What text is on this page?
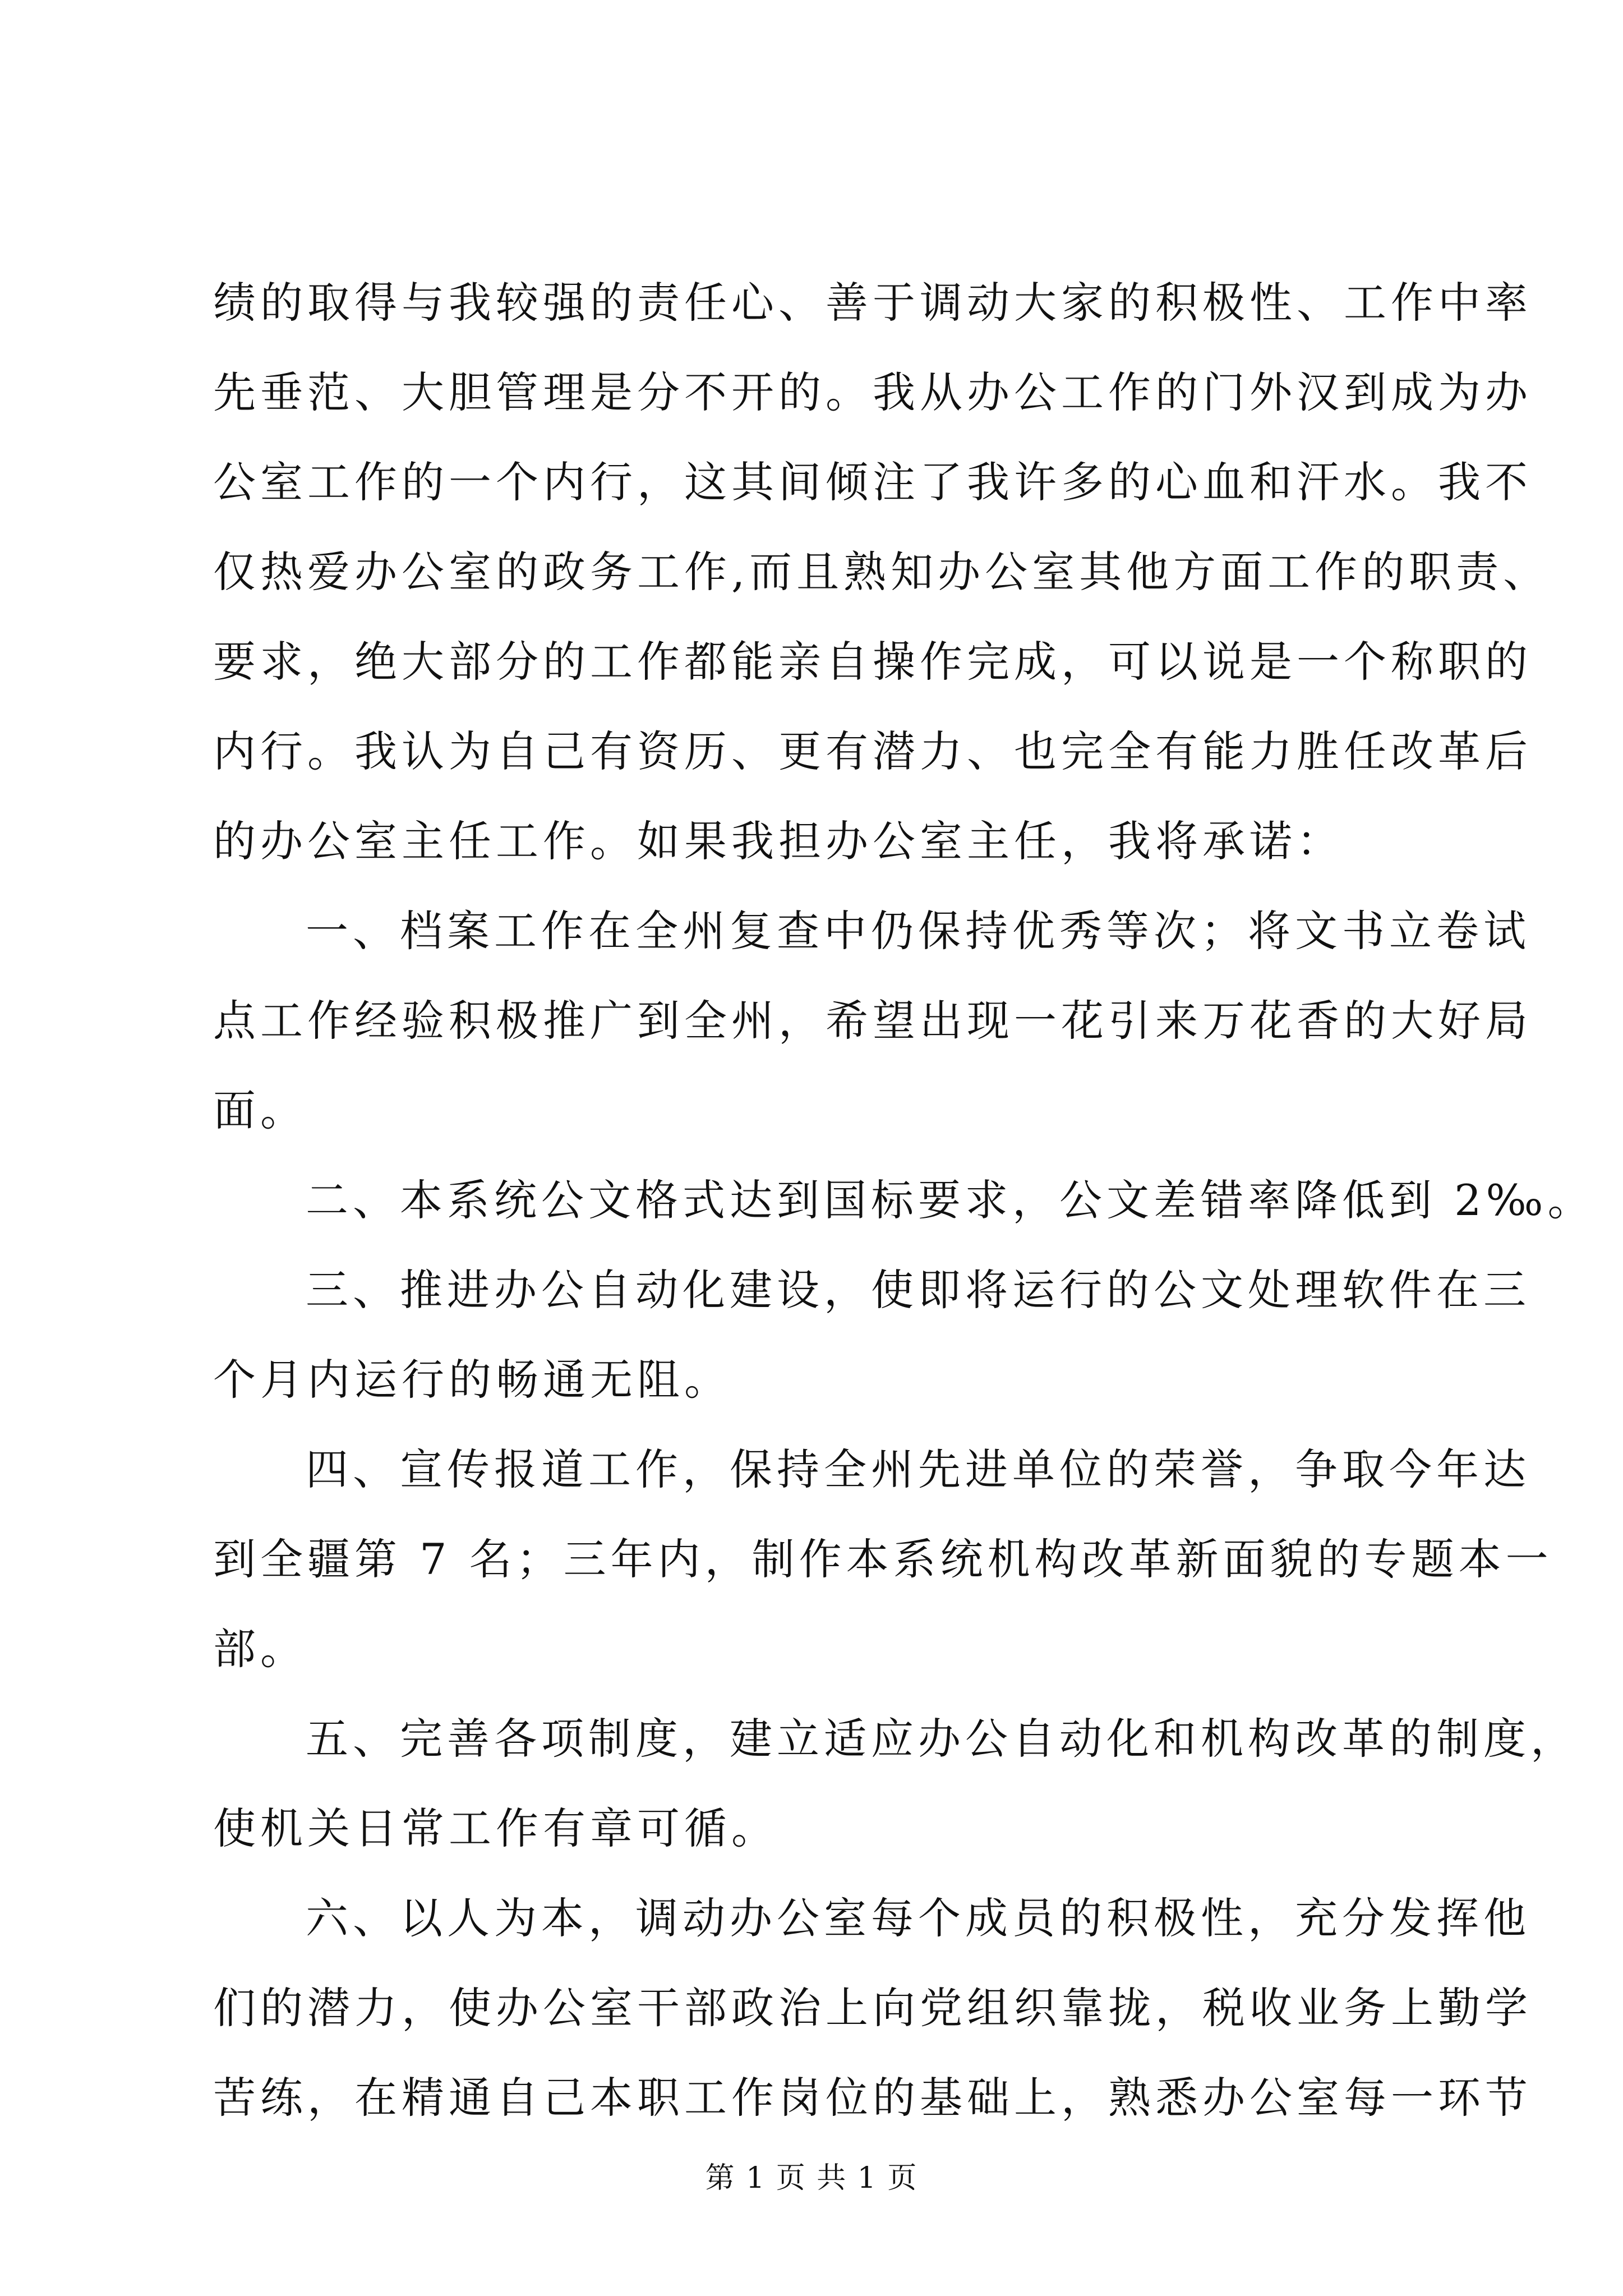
绩的取得与我较强的责任心、善于调动大家的积极性、工作中率
先垂范、大胆管理是分不开的。我从办公工作的门外汉到成为办
公室工作的一个内行，这其间倾注了我许多的心血和汗水。我不
仅热爱办公室的政务工作,而且熟知办公室其他方面工作的职责、
要求，绝大部分的工作都能亲自操作完成，可以说是一个称职的
内行。我认为自己有资历、更有潜力、也完全有能力胜任改革后
的办公室主任工作。如果我担办公室主任，我将承诺：
一、档案工作在全州复查中仍保持优秀等次；将文书立卷试
点工作经验积极推广到全州，希望出现一花引来万花香的大好局
面。
二、本系统公文格式达到国标要求，公文差错率降低到 2‰。
三、推进办公自动化建设，使即将运行的公文处理软件在三
个月内运行的畅通无阻。
四、宣传报道工作，保持全州先进单位的荣誉，争取今年达
到全疆第 7 名；三年内，制作本系统机构改革新面貌的专题本一
部。
五、完善各项制度，建立适应办公自动化和机构改革的制度，
使机关日常工作有章可循。
六、以人为本，调动办公室每个成员的积极性，充分发挥他
们的潜力，使办公室干部政治上向党组织靠拢，税收业务上勤学
苦练，在精通自己本职工作岗位的基础上，熟悉办公室每一环节
第 1 页 共 1 页
